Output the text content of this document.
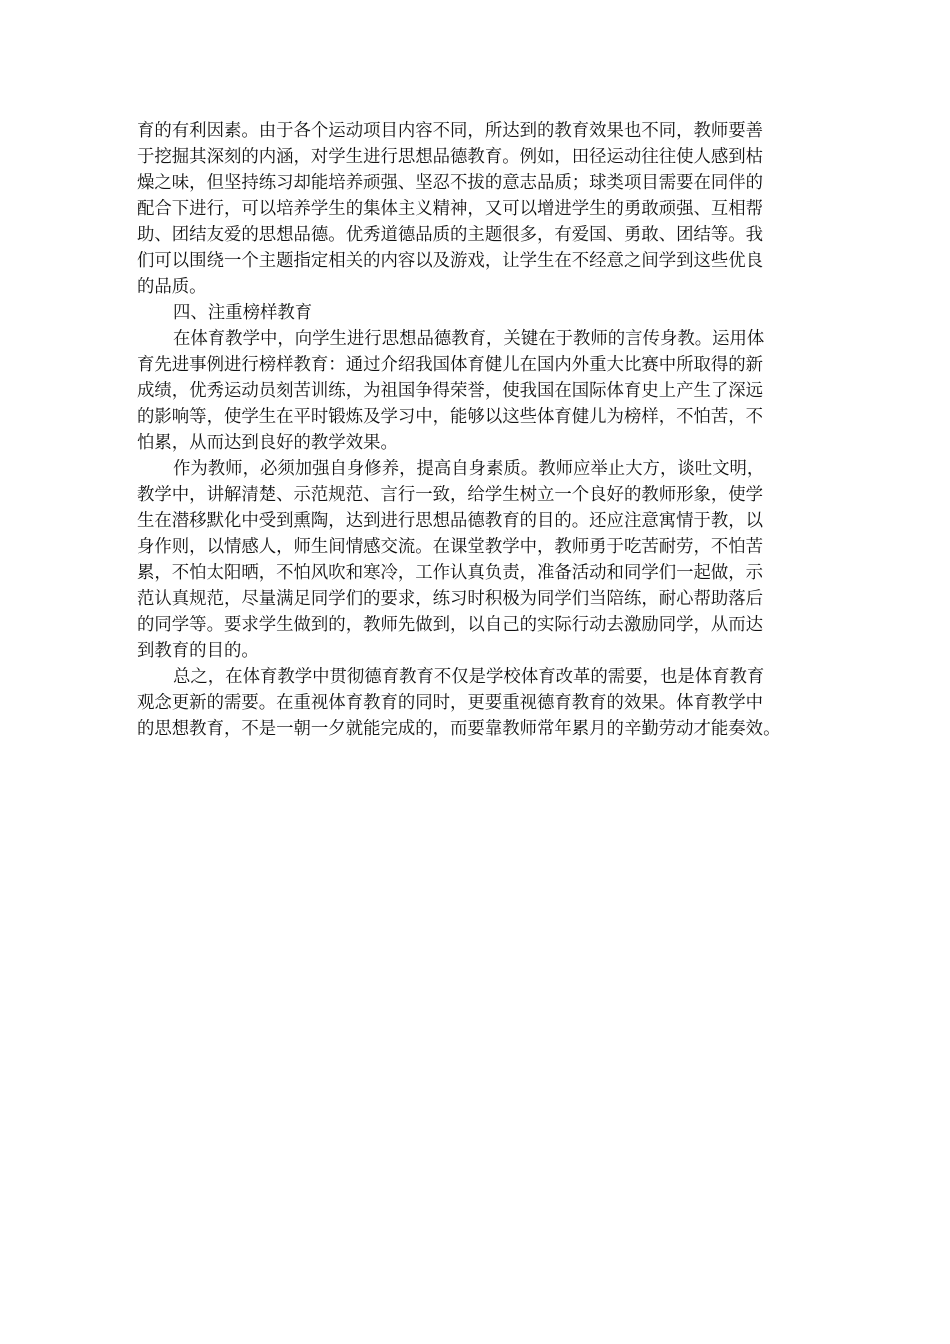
育的有利因素。由于各个运动项目内容不同，所达到的教育效果也不同，教师要善
于挖掘其深刻的内涵，对学生进行思想品德教育。例如，田径运动往往使人感到枯
燥之味，但坚持练习却能培养顽强、坚忍不拔的意志品质；球类项目需要在同伴的
配合下进行，可以培养学生的集体主义精神，又可以增进学生的勇敢顽强、互相帮
助、团结友爱的思想品德。优秀道德品质的主题很多，有爱国、勇敢、团结等。我
们可以围绕一个主题指定相关的内容以及游戏，让学生在不经意之间学到这些优良
的品质。
四、注重榜样教育
在体育教学中，向学生进行思想品德教育，关键在于教师的言传身教。运用体
育先进事例进行榜样教育：通过介绍我国体育健儿在国内外重大比赛中所取得的新
成绩，优秀运动员刻苦训练，为祖国争得荣誉，使我国在国际体育史上产生了深远
的影响等，使学生在平时锻炼及学习中，能够以这些体育健儿为榜样，不怕苦，不
怕累，从而达到良好的教学效果。
作为教师，必须加强自身修养，提高自身素质。教师应举止大方，谈吐文明，
教学中，讲解清楚、示范规范、言行一致，给学生树立一个良好的教师形象，使学
生在潜移默化中受到熏陶，达到进行思想品德教育的目的。还应注意寓情于教，以
身作则，以情感人，师生间情感交流。在课堂教学中，教师勇于吃苦耐劳，不怕苦
累，不怕太阳晒，不怕风吹和寒冷，工作认真负责，准备活动和同学们一起做，示
范认真规范，尽量满足同学们的要求，练习时积极为同学们当陪练，耐心帮助落后
的同学等。要求学生做到的，教师先做到，以自己的实际行动去激励同学，从而达
到教育的目的。
总之，在体育教学中贯彻德育教育不仅是学校体育改革的需要，也是体育教育
观念更新的需要。在重视体育教育的同时，更要重视德育教育的效果。体育教学中
的思想教育，不是一朝一夕就能完成的，而要靠教师常年累月的辛勤劳动才能奏效。
